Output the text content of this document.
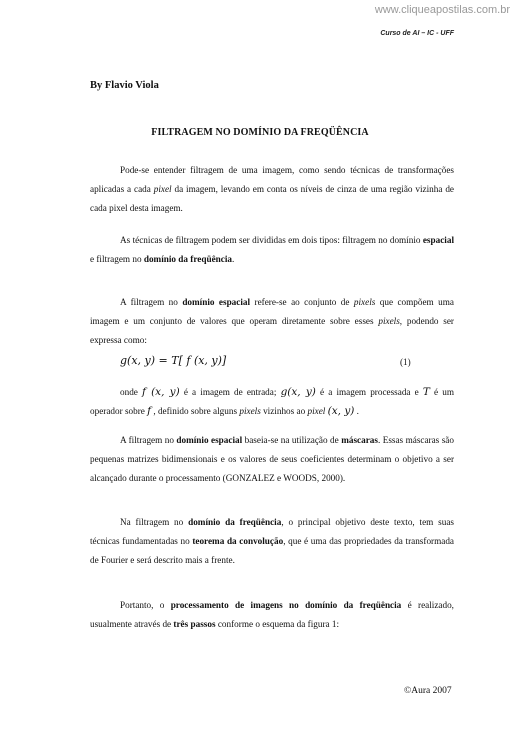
www.cliqueapostilas.com.br
Curso de AI – IC - UFF
By Flavio Viola
FILTRAGEM NO DOMÍNIO DA FREQÜÊNCIA

Pode-se entender filtragem de uma imagem, como sendo técnicas de transformações aplicadas a cada pixel da imagem, levando em conta os níveis de cinza de uma região vizinha de cada pixel desta imagem.

As técnicas de filtragem podem ser divididas em dois tipos: filtragem no domínio espacial e filtragem no domínio da freqüência.

A filtragem no domínio espacial refere-se ao conjunto de pixels que compõem uma imagem e um conjunto de valores que operam diretamente sobre esses pixels, podendo ser expressa como:

g(x, y) = T[ f (x, y)]	(1)

onde f (x, y) é a imagem de entrada; g(x, y) é a imagem processada e T é um operador sobre f , definido sobre alguns pixels vizinhos ao pixel (x, y) .

A filtragem no domínio espacial baseia-se na utilização de máscaras. Essas máscaras são pequenas matrizes bidimensionais e os valores de seus coeficientes determinam o objetivo a ser alcançado durante o processamento (GONZALEZ e WOODS, 2000).

Na filtragem no domínio da freqüência, o principal objetivo deste texto, tem suas técnicas fundamentadas no teorema da convolução, que é uma das propriedades da transformada de Fourier e será descrito mais a frente.

Portanto, o processamento de imagens no domínio da freqüência é realizado, usualmente através de três passos conforme o esquema da figura 1:

©Aura 2007
